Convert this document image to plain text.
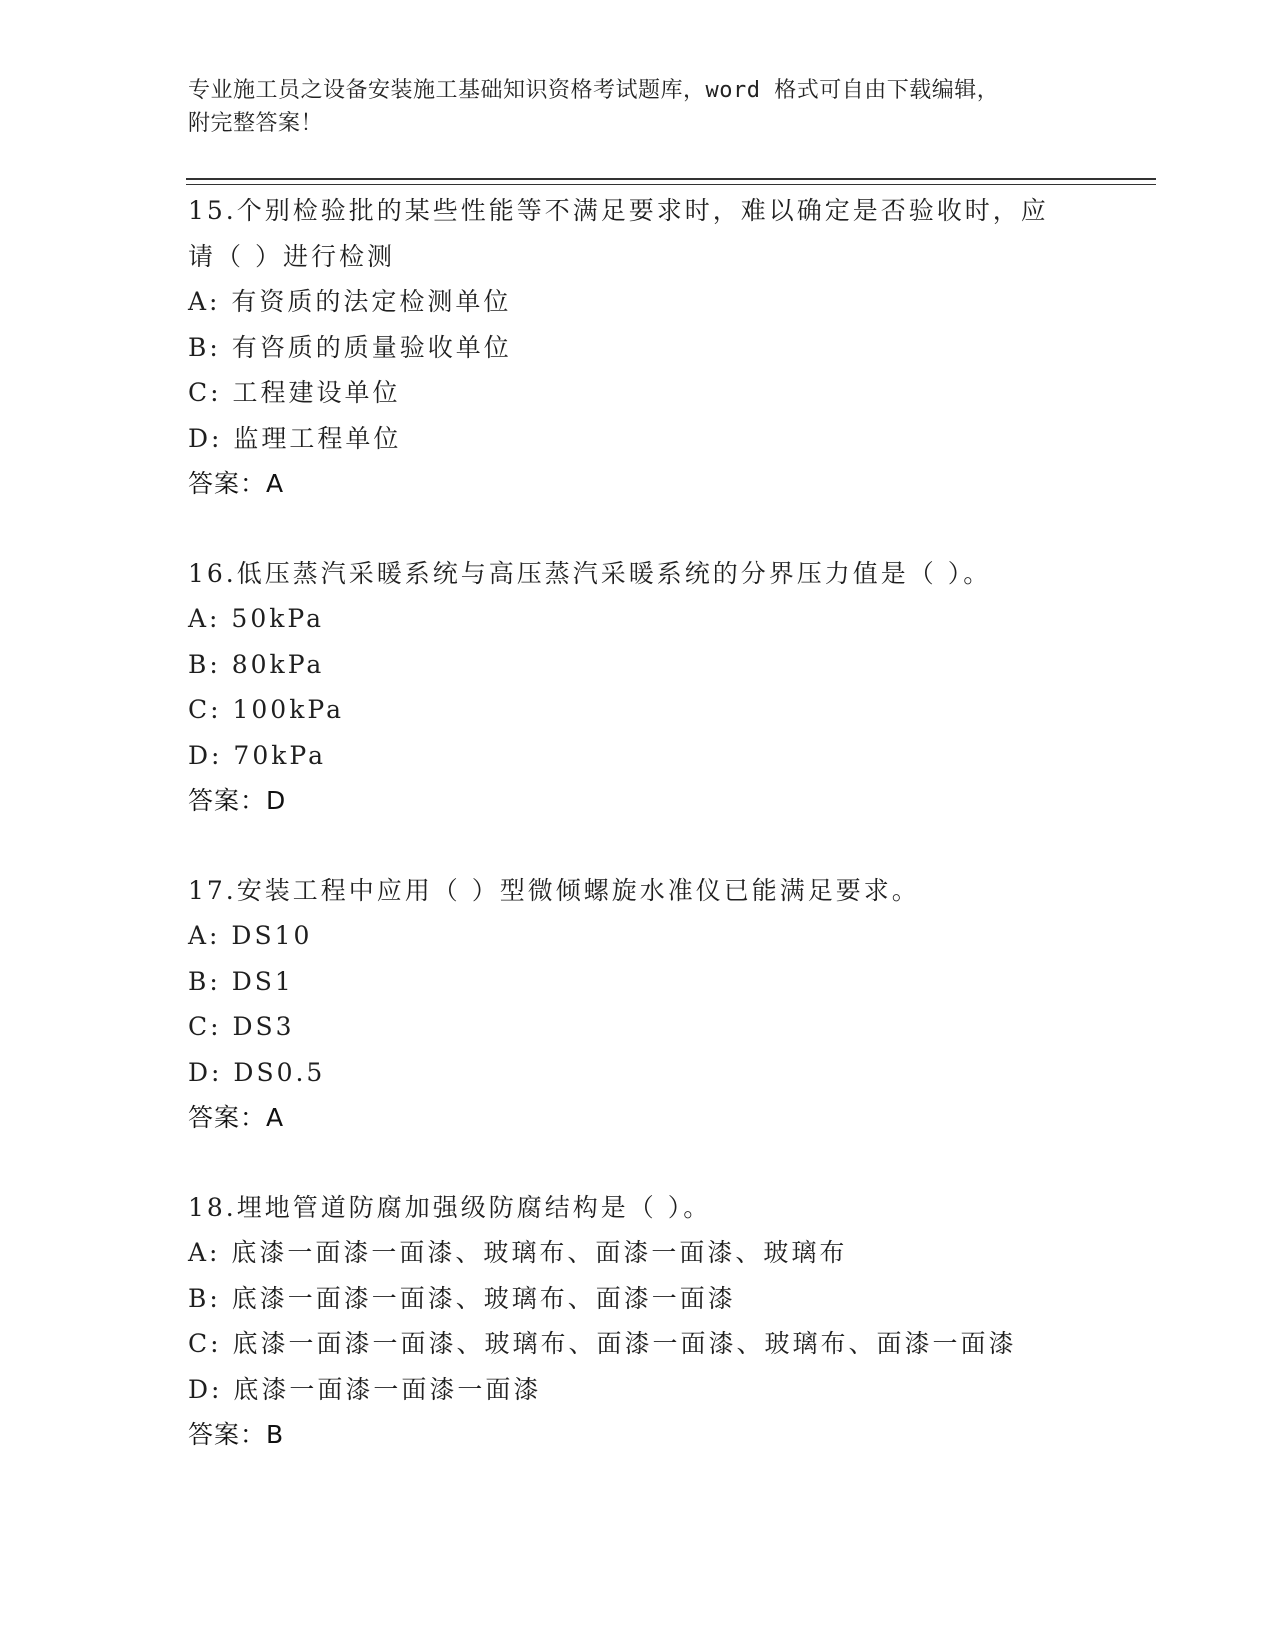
专业施工员之设备安装施工基础知识资格考试题库，word 格式可自由下载编辑，
附完整答案！
15.个别检验批的某些性能等不满足要求时，难以确定是否验收时，应
请（ ）进行检测
A: 有资质的法定检测单位
B: 有咨质的质量验收单位
C: 工程建设单位
D: 监理工程单位
答案：A
16.低压蒸汽采暖系统与高压蒸汽采暖系统的分界压力值是（ ）。
A: 50kPa
B: 80kPa
C: 100kPa
D: 70kPa
答案：D
17.安装工程中应用（ ）型微倾螺旋水准仪已能满足要求。
A: DS10
B: DS1
C: DS3
D: DS0.5
答案：A
18.埋地管道防腐加强级防腐结构是（ ）。
A: 底漆一面漆一面漆、玻璃布、面漆一面漆、玻璃布
B: 底漆一面漆一面漆、玻璃布、面漆一面漆
C: 底漆一面漆一面漆、玻璃布、面漆一面漆、玻璃布、面漆一面漆
D: 底漆一面漆一面漆一面漆
答案：B
